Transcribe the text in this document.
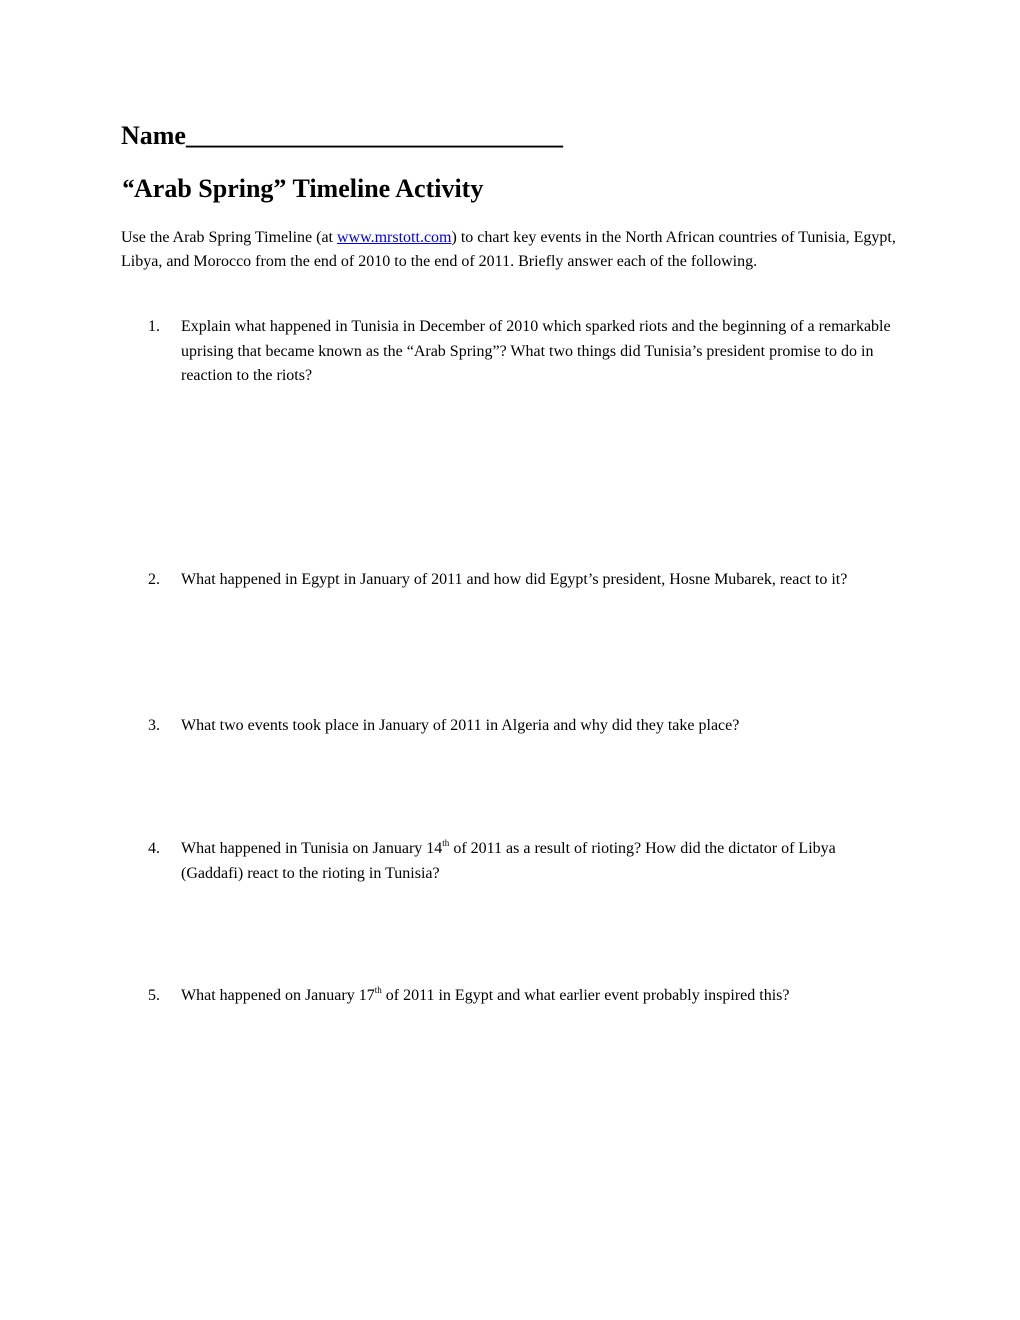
Name_____________________________
“Arab Spring” Timeline Activity

Use the Arab Spring Timeline (at www.mrstott.com) to chart key events in the North African countries of Tunisia, Egypt, Libya, and Morocco from the end of 2010 to the end of 2011. Briefly answer each of the following.

1.	Explain what happened in Tunisia in December of 2010 which sparked riots and the beginning of a remarkable uprising that became known as the “Arab Spring”? What two things did Tunisia’s president promise to do in reaction to the riots?
2.	What happened in Egypt in January of 2011 and how did Egypt’s president, Hosne Mubarek, react to it?
3.	What two events took place in January of 2011 in Algeria and why did they take place?
4.	What happened in Tunisia on January 14th of 2011 as a result of rioting? How did the dictator of Libya (Gaddafi) react to the rioting in Tunisia?
5.	What happened on January 17th of 2011 in Egypt and what earlier event probably inspired this?
